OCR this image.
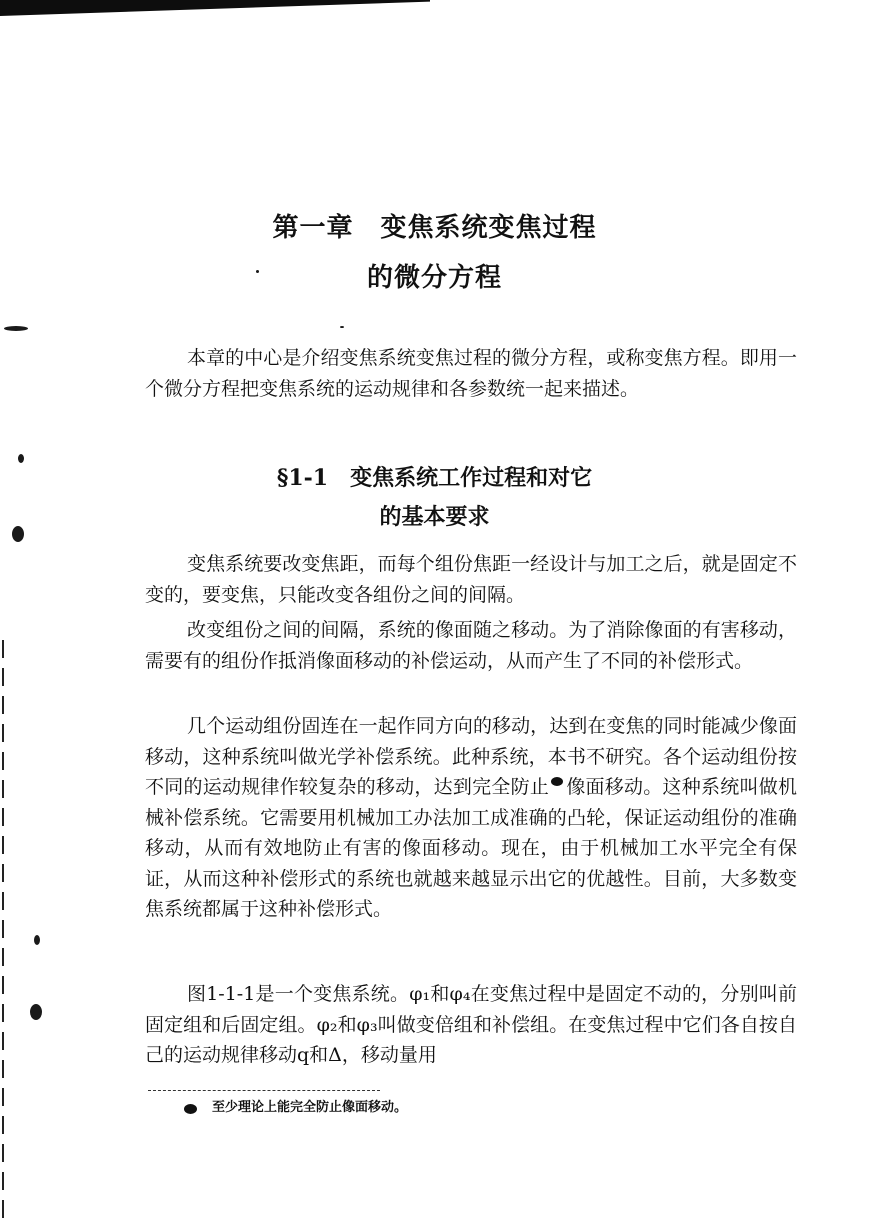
第一章　变焦系统变焦过程
的微分方程

本章的中心是介绍变焦系统变焦过程的微分方程，或称变焦方程。即用一个微分方程把变焦系统的运动规律和各参数统一起来描述。

§1-1　变焦系统工作过程和对它
的基本要求

变焦系统要改变焦距，而每个组份焦距一经设计与加工之后，就是固定不变的，要变焦，只能改变各组份之间的间隔。

改变组份之间的间隔，系统的像面随之移动。为了消除像面的有害移动，需要有的组份作抵消像面移动的补偿运动，从而产生了不同的补偿形式。

几个运动组份固连在一起作同方向的移动，达到在变焦的同时能减少像面移动，这种系统叫做光学补偿系统。此种系统，本书不研究。各个运动组份按不同的运动规律作较复杂的移动，达到完全防止 像面移动。这种系统叫做机械补偿系统。它需要用机械加工办法加工成准确的凸轮，保证运动组份的准确移动，从而有效地防止有害的像面移动。现在，由于机械加工水平完全有保证，从而这种补偿形式的系统也就越来越显示出它的优越性。目前，大多数变焦系统都属于这种补偿形式。

图1-1-1是一个变焦系统。φ₁和φ₄在变焦过程中是固定不动的，分别叫前固定组和后固定组。φ₂和φ₃叫做变倍组和补偿组。在变焦过程中它们各自按自己的运动规律移动q和Δ，移动量用

至少理论上能完全防止像面移动。
